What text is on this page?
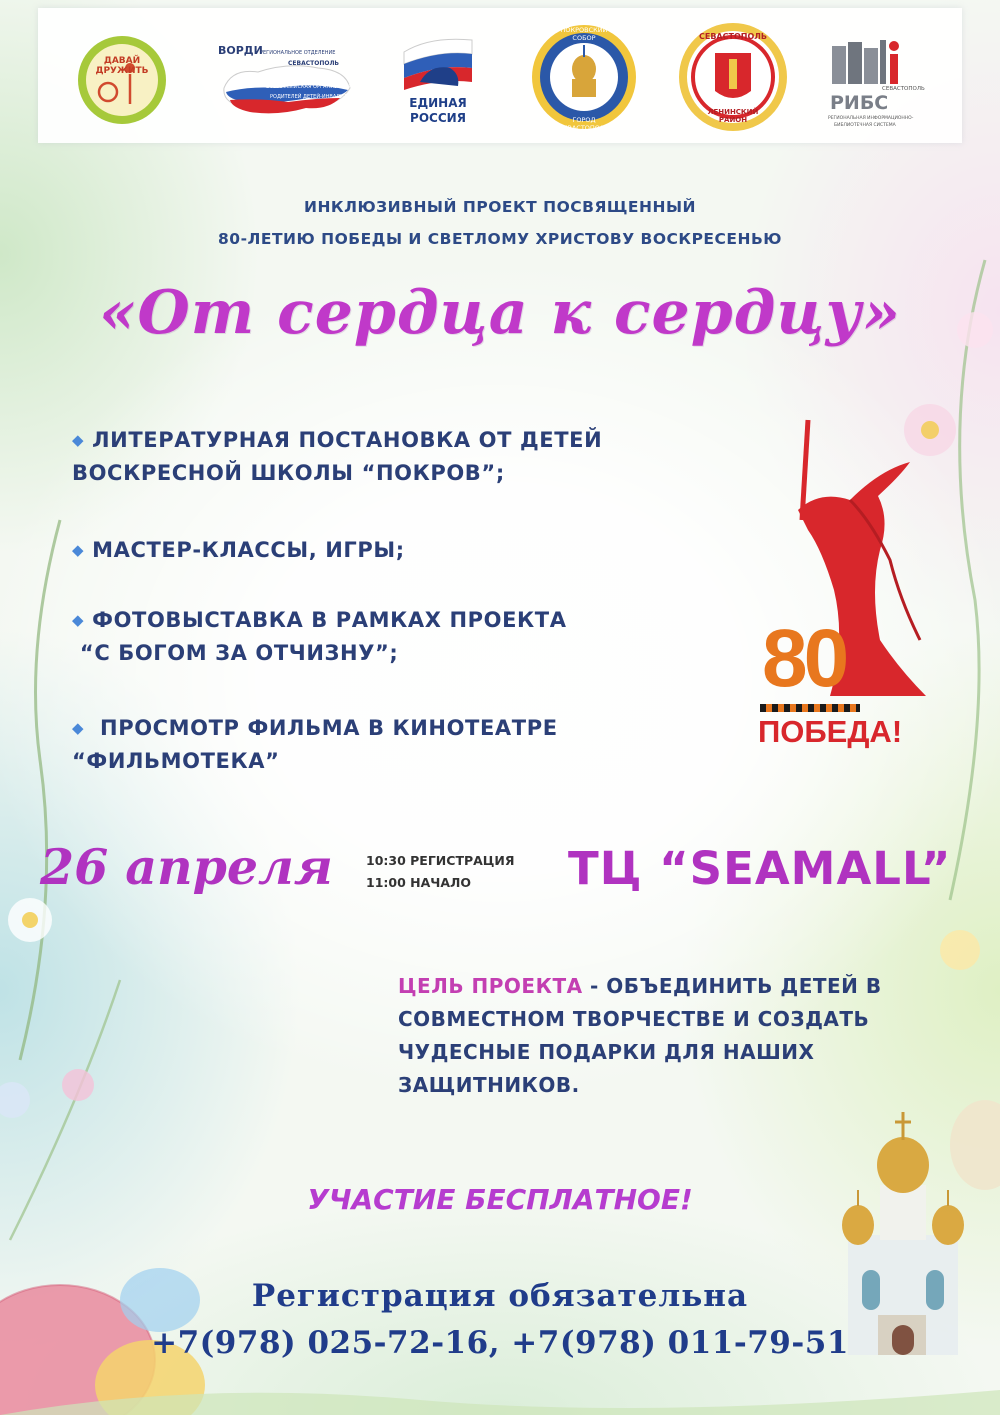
ДАВАЙ ДРУЖИТЬ
ВОРДИ
РЕГИОНАЛЬНОЕ ОТДЕЛЕНИЕ
СЕВАСТОПОЛЬ
ВСЕРОССИЙСКАЯ ОРГАНИЗАЦИЯ
РОДИТЕЛЕЙ ДЕТЕЙ-ИНВАЛИДОВ	ЕДИНАЯ
РОССИЯ
ПОКРОВСКИЙ СОБОР
ГОРОД СЕВАСТОПОЛЬ
СЕВАСТОПОЛЬ
ЛЕНИНСКИЙ РАЙОН
СЕВАСТОПОЛЬ
РИБС
РЕГИОНАЛЬНАЯ ИНФОРМАЦИОННО-
БИБЛИОТЕЧНАЯ СИСТЕМА
ИНКЛЮЗИВНЫЙ ПРОЕКТ ПОСВЯЩЕННЫЙ
80-ЛЕТИЮ ПОБЕДЫ И СВЕТЛОМУ ХРИСТОВУ ВОСКРЕСЕНЬЮ
«От сердца к сердцу»
◆ ЛИТЕРАТУРНАЯ ПОСТАНОВКА ОТ ДЕТЕЙ
ВОСКРЕСНОЙ ШКОЛЫ “ПОКРОВ”;
◆ МАСТЕР-КЛАССЫ, ИГРЫ;
◆ ФОТОВЫСТАВКА В РАМКАХ ПРОЕКТА
“С БОГОМ ЗА ОТЧИЗНУ”;
◆ ПРОСМОТР ФИЛЬМА В КИНОТЕАТРЕ
“ФИЛЬМОТЕКА”
80
ПОБЕДА!
26 апреля	10:30 РЕГИСТРАЦИЯ
11:00 НАЧАЛО ТЦ “SEAMALL”
ЦЕЛЬ ПРОЕКТА - ОБЪЕДИНИТЬ ДЕТЕЙ В
СОВМЕСТНОМ ТВОРЧЕСТВЕ И СОЗДАТЬ
ЧУДЕСНЫЕ ПОДАРКИ ДЛЯ НАШИХ
ЗАЩИТНИКОВ.
УЧАСТИЕ БЕСПЛАТНОЕ!
Регистрация обязательна
+7(978) 025-72-16, +7(978) 011-79-51
